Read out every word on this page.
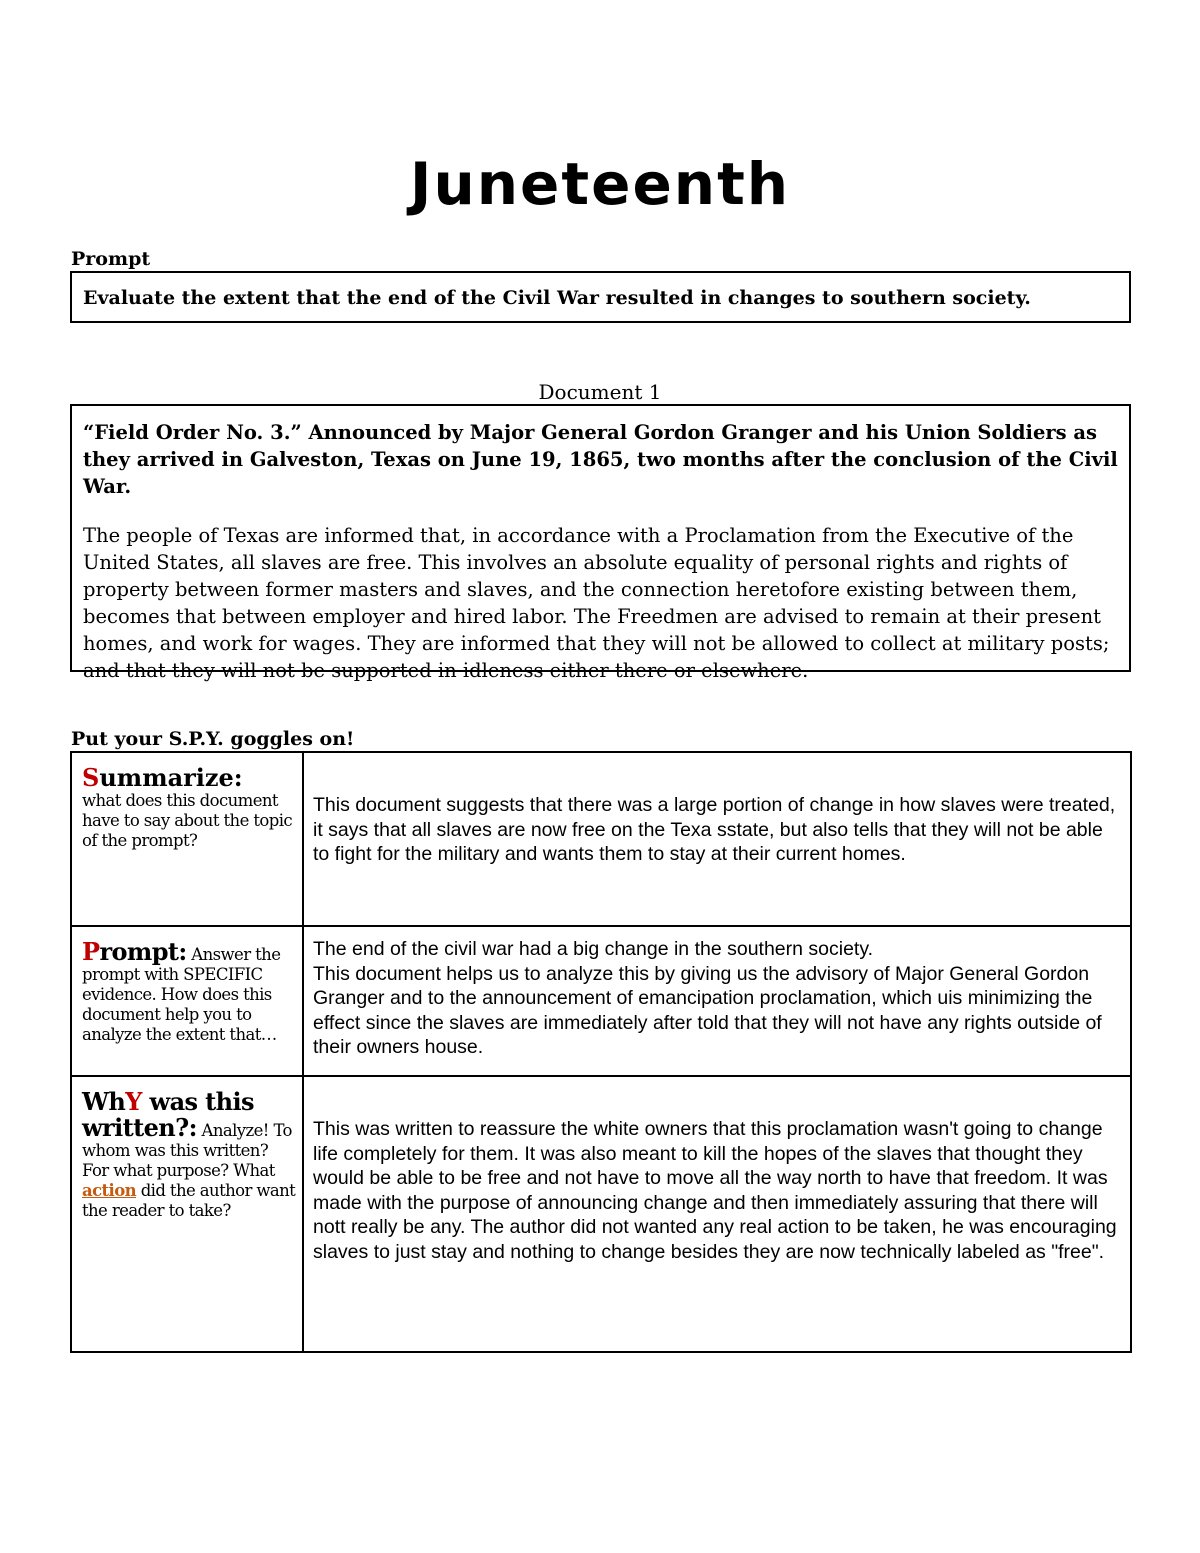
Juneteenth
Prompt
Evaluate the extent that the end of the Civil War resulted in changes to southern society.
Document 1

“Field Order No. 3.” Announced by Major General Gordon Granger and his Union Soldiers as they arrived in Galveston, Texas on June 19, 1865, two months after the conclusion of the Civil War.

The people of Texas are informed that, in accordance with a Proclamation from the Executive of the United States, all slaves are free. This involves an absolute equality of personal rights and rights of property between former masters and slaves, and the connection heretofore existing between them, becomes that between employer and hired labor. The Freedmen are advised to remain at their present homes, and work for wages. They are informed that they will not be allowed to collect at military posts; and that they will not be supported in idleness either there or elsewhere.

Put your S.P.Y. goggles on!
Summarize:
what does this document have to say about the topic of the prompt?	This document suggests that there was a large portion of change in how slaves were treated, it says that all slaves are now free on the Texa sstate, but also tells that they will not be able to fight for the military and wants them to stay at their current homes.

Prompt: Answer the prompt with SPECIFIC evidence. How does this document help you to analyze the extent that…	The end of the civil war had a big change in the southern society.
This document helps us to analyze this by giving us the advisory of Major General Gordon Granger and to the announcement of emancipation proclamation, which uis minimizing the effect since the slaves are immediately after told that they will not have any rights outside of their owners house.

WhY was this written?: Analyze! To whom was this written? For what purpose? What action did the author want the reader to take?	This was written to reassure the white owners that this proclamation wasn't going to change life completely for them. It was also meant to kill the hopes of the slaves that thought they would be able to be free and not have to move all the way north to have that freedom. It was made with the purpose of announcing change and then immediately assuring that there will nott really be any. The author did not wanted any real action to be taken, he was encouraging slaves to just stay and nothing to change besides they are now technically labeled as "free".
